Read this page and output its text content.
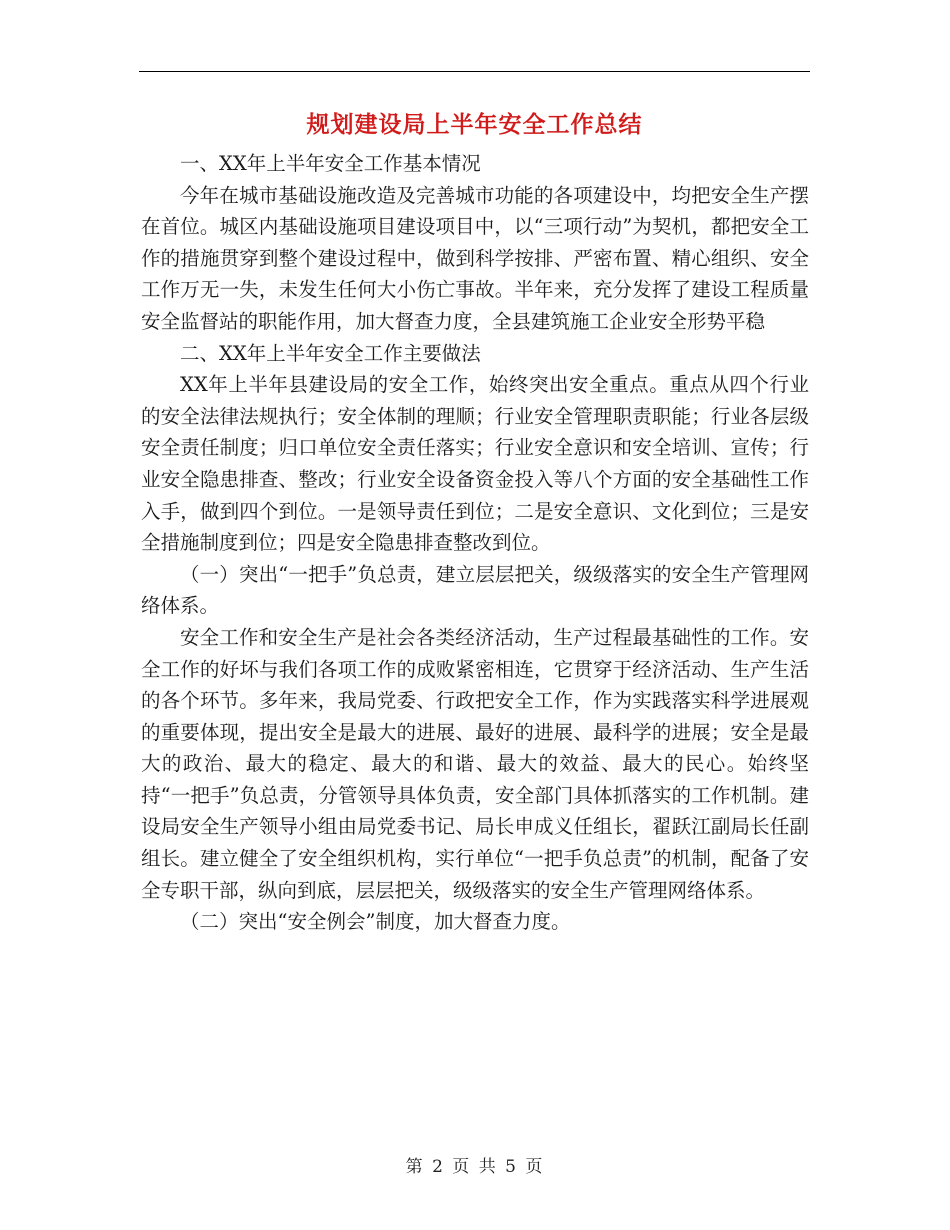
规划建设局上半年安全工作总结

一、XX年上半年安全工作基本情况

今年在城市基础设施改造及完善城市功能的各项建设中，均把安全生产摆在首位。城区内基础设施项目建设项目中，以“三项行动”为契机，都把安全工作的措施贯穿到整个建设过程中，做到科学按排、严密布置、精心组织、安全工作万无一失，未发生任何大小伤亡事故。半年来，充分发挥了建设工程质量安全监督站的职能作用，加大督查力度，全县建筑施工企业安全形势平稳

二、XX年上半年安全工作主要做法

XX年上半年县建设局的安全工作，始终突出安全重点。重点从四个行业的安全法律法规执行；安全体制的理顺；行业安全管理职责职能；行业各层级安全责任制度；归口单位安全责任落实；行业安全意识和安全培训、宣传；行业安全隐患排查、整改；行业安全设备资金投入等八个方面的安全基础性工作入手，做到四个到位。一是领导责任到位；二是安全意识、文化到位；三是安全措施制度到位；四是安全隐患排查整改到位。

（一）突出“一把手”负总责，建立层层把关，级级落实的安全生产管理网络体系。

安全工作和安全生产是社会各类经济活动，生产过程最基础性的工作。安全工作的好坏与我们各项工作的成败紧密相连，它贯穿于经济活动、生产生活的各个环节。多年来，我局党委、行政把安全工作，作为实践落实科学进展观的重要体现，提出安全是最大的进展、最好的进展、最科学的进展；安全是最大的政治、最大的稳定、最大的和谐、最大的效益、最大的民心。始终坚持“一把手”负总责，分管领导具体负责，安全部门具体抓落实的工作机制。建设局安全生产领导小组由局党委书记、局长申成义任组长，翟跃江副局长任副组长。建立健全了安全组织机构，实行单位“一把手负总责”的机制，配备了安全专职干部，纵向到底，层层把关，级级落实的安全生产管理网络体系。

（二）突出“安全例会”制度，加大督查力度。

第 2 页 共 5 页
